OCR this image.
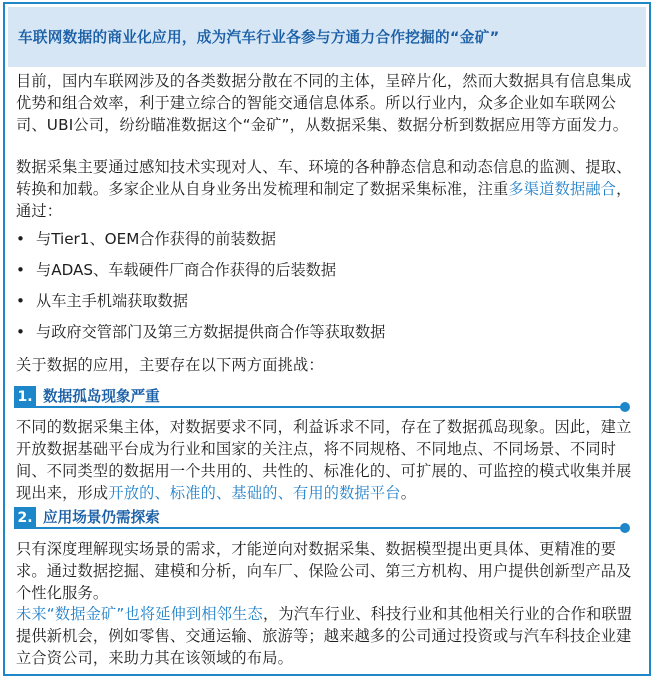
车联网数据的商业化应用，成为汽车行业各参与方通力合作挖掘的“金矿”
目前，国内车联网涉及的各类数据分散在不同的主体，呈碎片化，然而大数据具有信息集成优势和组合效率，利于建立综合的智能交通信息体系。所以行业内，众多企业如车联网公司、UBI公司，纷纷瞄准数据这个“金矿”，从数据采集、数据分析到数据应用等方面发力。
数据采集主要通过感知技术实现对人、车、环境的各种静态信息和动态信息的监测、提取、转换和加载。多家企业从自身业务出发梳理和制定了数据采集标准，注重多渠道数据融合，通过：
• 与Tier1、OEM合作获得的前装数据
• 与ADAS、车载硬件厂商合作获得的后装数据
• 从车主手机端获取数据
• 与政府交管部门及第三方数据提供商合作等获取数据
关于数据的应用，主要存在以下两方面挑战：
1. 数据孤岛现象严重
不同的数据采集主体，对数据要求不同，利益诉求不同，存在了数据孤岛现象。因此，建立开放数据基础平台成为行业和国家的关注点，将不同规格、不同地点、不同场景、不同时间、不同类型的数据用一个共用的、共性的、标准化的、可扩展的、可监控的模式收集并展现出来，形成开放的、标准的、基础的、有用的数据平台。
2. 应用场景仍需探索
只有深度理解现实场景的需求，才能逆向对数据采集、数据模型提出更具体、更精准的要求。通过数据挖掘、建模和分析，向车厂、保险公司、第三方机构、用户提供创新型产品及个性化服务。
未来“数据金矿”也将延伸到相邻生态，为汽车行业、科技行业和其他相关行业的合作和联盟提供新机会，例如零售、交通运输、旅游等；越来越多的公司通过投资或与汽车科技企业建立合资公司，来助力其在该领域的布局。
